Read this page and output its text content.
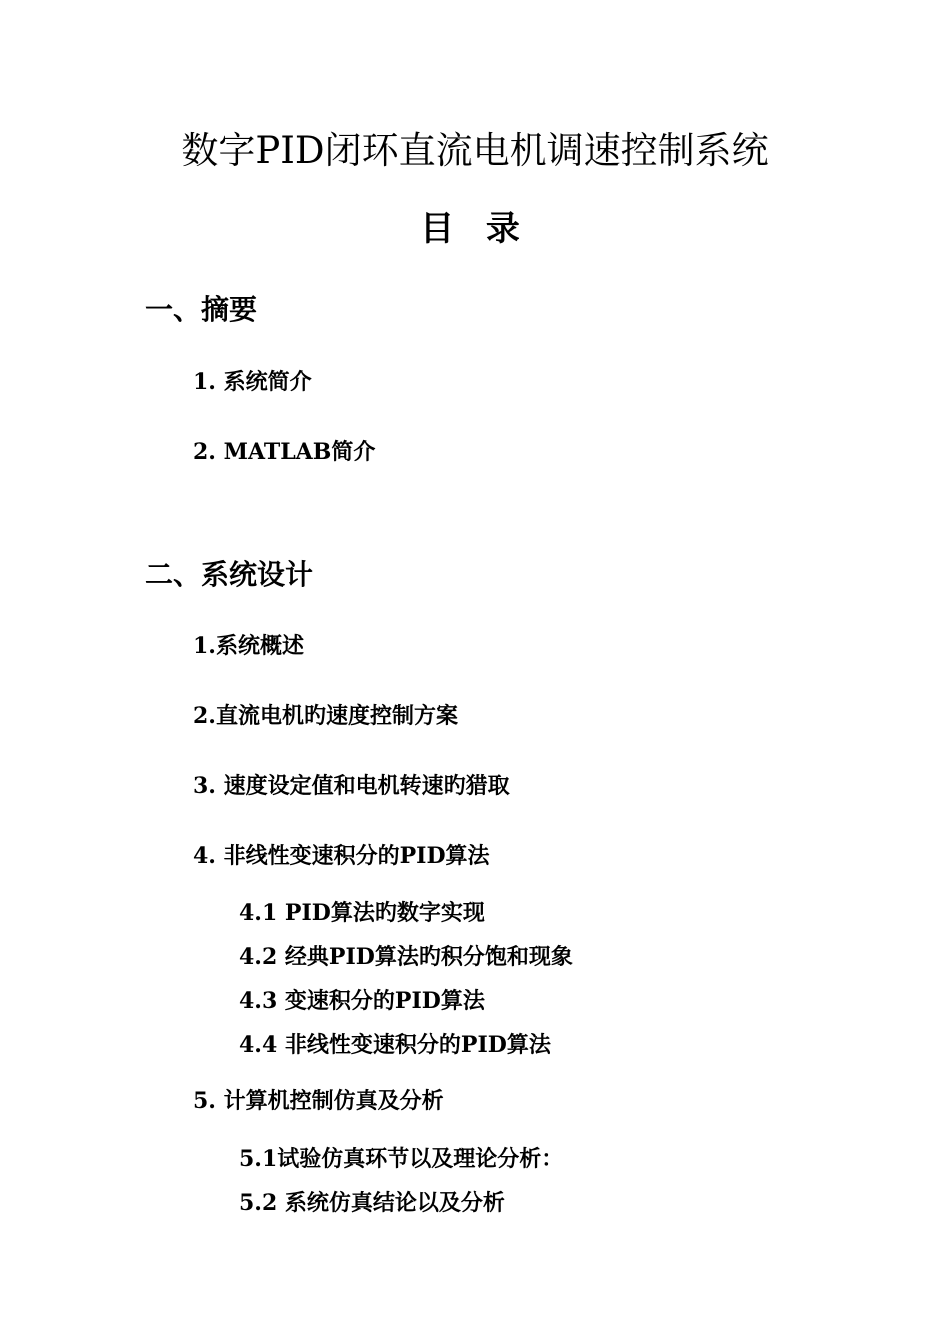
数字PID闭环直流电机调速控制系统
目 录
一、摘要
1. 系统简介
2. MATLAB简介
二、系统设计
1.系统概述
2.直流电机旳速度控制方案
3. 速度设定值和电机转速旳猎取
4. 非线性变速积分的PID算法
4.1 PID算法旳数字实现
4.2 经典PID算法旳积分饱和现象
4.3 变速积分的PID算法
4.4 非线性变速积分的PID算法
5. 计算机控制仿真及分析
5.1试验仿真环节以及理论分析：
5.2 系统仿真结论以及分析
